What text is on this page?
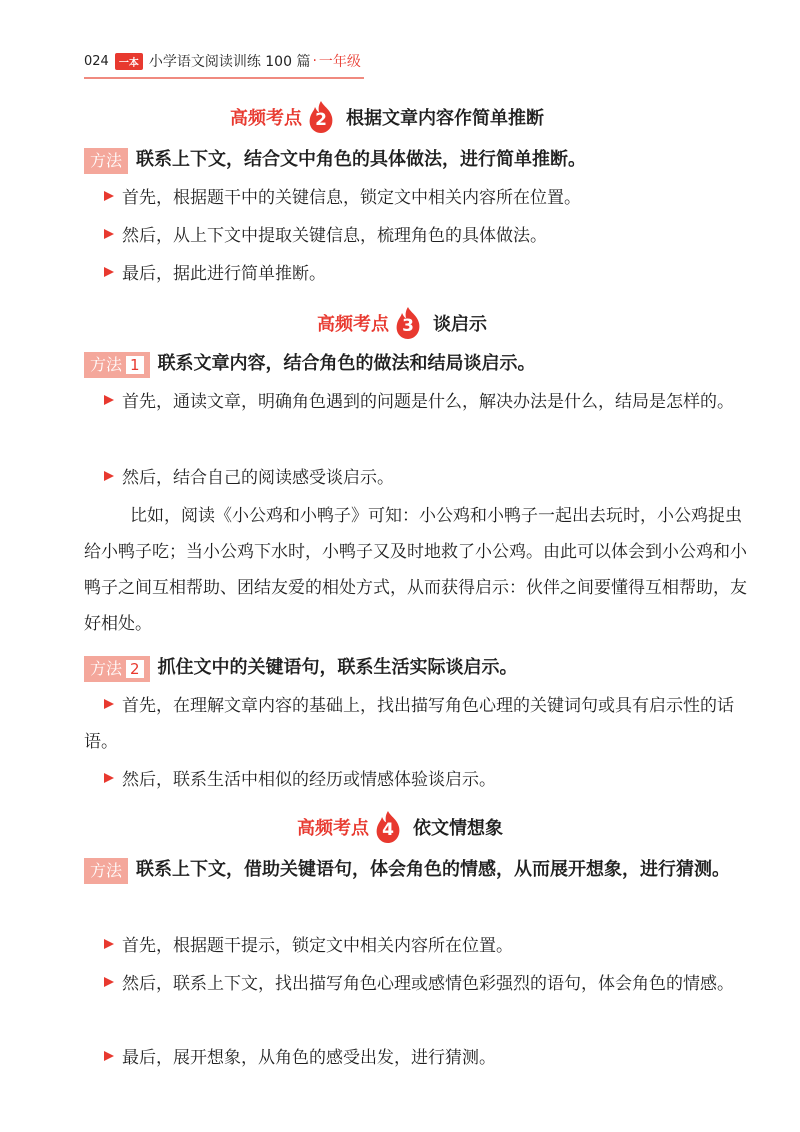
024	一本 小学语文阅读训练 100 篇 · 一年级
高频考点 2	根据文章内容作简单推断
方法 联系上下文，结合文中角色的具体做法，进行简单推断。
首先，根据题干中的关键信息，锁定文中相关内容所在位置。
然后，从上下文中提取关键信息，梳理角色的具体做法。
最后，据此进行简单推断。
高频考点 3	谈启示
方法 1	联系文章内容，结合角色的做法和结局谈启示。
首先，通读文章，明确角色遇到的问题是什么，解决办法是什么，结局是怎样的。
然后，结合自己的阅读感受谈启示。
比如，阅读《小公鸡和小鸭子》可知：小公鸡和小鸭子一起出去玩时，小公鸡捉虫给小鸭子吃；当小公鸡下水时，小鸭子又及时地救了小公鸡。由此可以体会到小公鸡和小鸭子之间互相帮助、团结友爱的相处方式，从而获得启示：伙伴之间要懂得互相帮助，友好相处。
方法 2	抓住文中的关键语句，联系生活实际谈启示。
首先，在理解文章内容的基础上，找出描写角色心理的关键词句或具有启示性的话语。
然后，联系生活中相似的经历或情感体验谈启示。
高频考点 4	依文情想象
方法 联系上下文，借助关键语句，体会角色的情感，从而展开想象，进行猜测。
首先，根据题干提示，锁定文中相关内容所在位置。
然后，联系上下文，找出描写角色心理或感情色彩强烈的语句，体会角色的情感。
最后，展开想象，从角色的感受出发，进行猜测。
